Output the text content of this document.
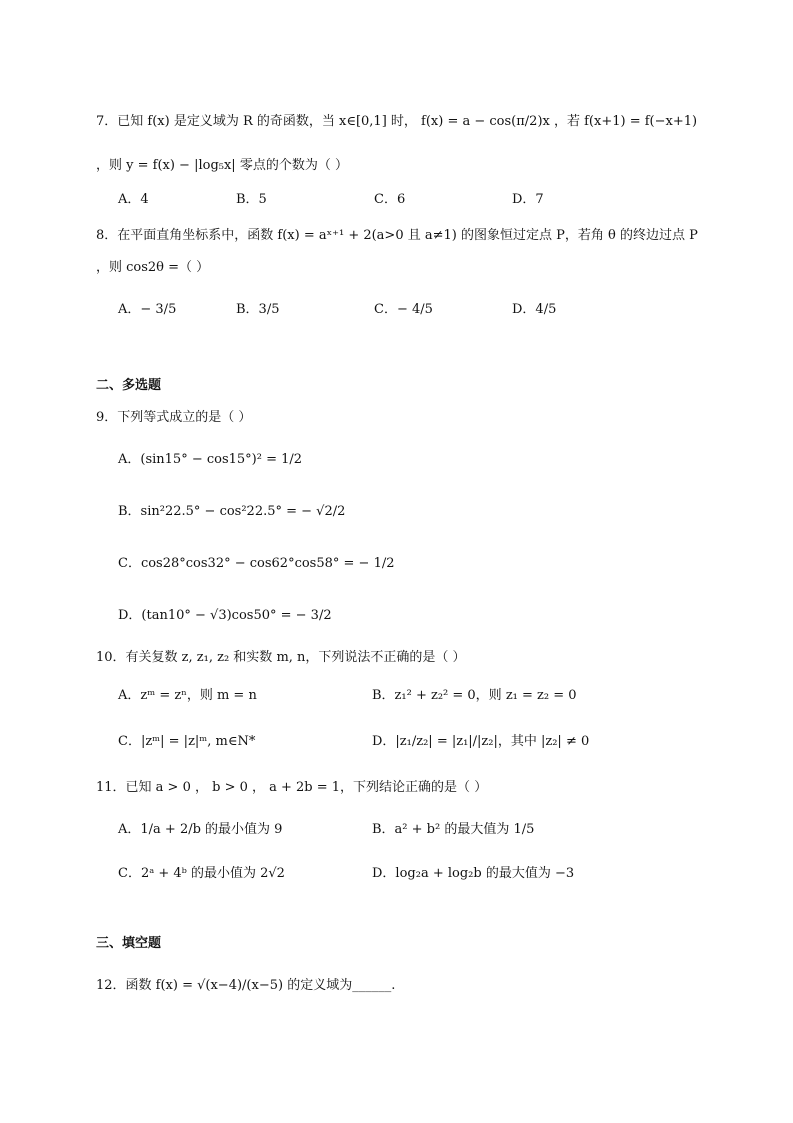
7．已知 f(x) 是定义域为 R 的奇函数，当 x∈[0,1] 时， f(x) = a − cos(π/2)x ，若 f(x+1) = f(−x+1)
，则 y = f(x) − |log₅x| 零点的个数为（ ）
A．4	B．5	C．6	D．7
8．在平面直角坐标系中，函数 f(x) = aˣ⁺¹ + 2(a>0 且 a≠1) 的图象恒过定点 P，若角 θ 的终边过点 P
，则 cos2θ =（ ）
A．− 3/5	B．3/5	C．− 4/5	D．4/5
二、多选题
9．下列等式成立的是（ ）
A．(sin15° − cos15°)² = 1/2
B．sin²22.5° − cos²22.5° = − √2/2
C．cos28°cos32° − cos62°cos58° = − 1/2
D．(tan10° − √3)cos50° = − 3/2
10．有关复数 z, z₁, z₂ 和实数 m, n，下列说法不正确的是（ ）
A．zᵐ = zⁿ，则 m = n	B．z₁² + z₂² = 0，则 z₁ = z₂ = 0
C．|zᵐ| = |z|ᵐ, m∈N*	D．|z₁/z₂| = |z₁|/|z₂|，其中 |z₂| ≠ 0
11．已知 a > 0 ， b > 0 ， a + 2b = 1，下列结论正确的是（ ）
A．1/a + 2/b 的最小值为 9	B．a² + b² 的最大值为 1/5
C．2ᵃ + 4ᵇ 的最小值为 2√2	D．log₂a + log₂b 的最大值为 −3
三、填空题
12．函数 f(x) = √(x−4)/(x−5) 的定义域为______.
